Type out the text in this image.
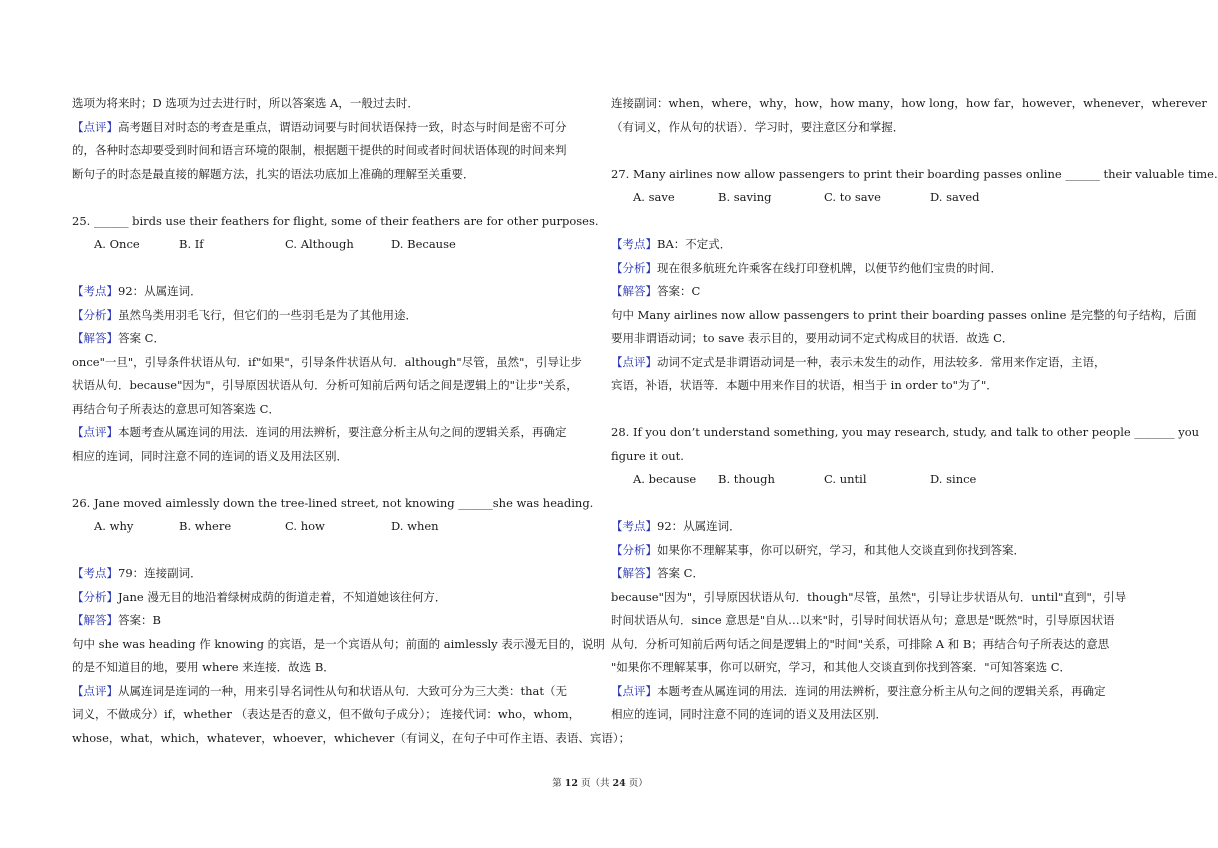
选项为将来时；D 选项为过去进行时，所以答案选 A，一般过去时．
【点评】高考题目对时态的考查是重点，谓语动词要与时间状语保持一致，时态与时间是密不可分
的，各种时态却要受到时间和语言环境的限制，根据题干提供的时间或者时间状语体现的时间来判
断句子的时态是最直接的解题方法，扎实的语法功底加上准确的理解至关重要．
25. ______ birds use their feathers for flight, some of their feathers are for other purposes.
A. Once	B. If	C. Although	D. Because
【考点】92：从属连词．
【分析】虽然鸟类用羽毛飞行，但它们的一些羽毛是为了其他用途．
【解答】答案 C．
once"一旦"，引导条件状语从句．if"如果"，引导条件状语从句．although"尽管，虽然"，引导让步
状语从句．because"因为"，引导原因状语从句．分析可知前后两句话之间是逻辑上的"让步"关系，
再结合句子所表达的意思可知答案选 C．
【点评】本题考查从属连词的用法．连词的用法辨析，要注意分析主从句之间的逻辑关系，再确定
相应的连词，同时注意不同的连词的语义及用法区别．
26. Jane moved aimlessly down the tree-lined street, not knowing ______she was heading.
A. why	B. where	C. how	D. when
【考点】79：连接副词．
【分析】Jane 漫无目的地沿着绿树成荫的街道走着，不知道她该往何方．
【解答】答案：B
句中 she was heading 作 knowing 的宾语，是一个宾语从句；前面的 aimlessly 表示漫无目的，说明
的是不知道目的地，要用 where 来连接．故选 B．
【点评】从属连词是连词的一种，用来引导名词性从句和状语从句．大致可分为三大类：that（无
词义，不做成分）if，whether （表达是否的意义，但不做句子成分）； 连接代词：who，whom，
whose，what，which，whatever，whoever，whichever（有词义，在句子中可作主语、表语、宾语）；
连接副词：when，where，why，how，how many，how long，how far，however，whenever，wherever
（有词义，作从句的状语）．学习时，要注意区分和掌握．
27. Many airlines now allow passengers to print their boarding passes online ______ their valuable time.
A. save	B. saving	C. to save	D. saved
【考点】BA：不定式．
【分析】现在很多航班允许乘客在线打印登机牌，以便节约他们宝贵的时间．
【解答】答案：C
句中 Many airlines now allow passengers to print their boarding passes online 是完整的句子结构，后面
要用非谓语动词；to save 表示目的，要用动词不定式构成目的状语．故选 C．
【点评】动词不定式是非谓语动词是一种，表示未发生的动作，用法较多．常用来作定语，主语，
宾语，补语，状语等．本题中用来作目的状语，相当于 in order to"为了"．
28. If you don’t understand something, you may research, study, and talk to other people _______ you
figure it out.
A. because	B. though	C. until	D. since
【考点】92：从属连词．
【分析】如果你不理解某事，你可以研究，学习，和其他人交谈直到你找到答案．
【解答】答案 C．
because"因为"，引导原因状语从句．though"尽管，虽然"，引导让步状语从句．until"直到"，引导
时间状语从句．since 意思是"自从…以来"时，引导时间状语从句；意思是"既然"时，引导原因状语
从句．分析可知前后两句话之间是逻辑上的"时间"关系，可排除 A 和 B；再结合句子所表达的意思
"如果你不理解某事，你可以研究，学习，和其他人交谈直到你找到答案．"可知答案选 C．
【点评】本题考查从属连词的用法．连词的用法辨析，要注意分析主从句之间的逻辑关系，再确定
相应的连词，同时注意不同的连词的语义及用法区别．
第 12 页（共 24 页）
